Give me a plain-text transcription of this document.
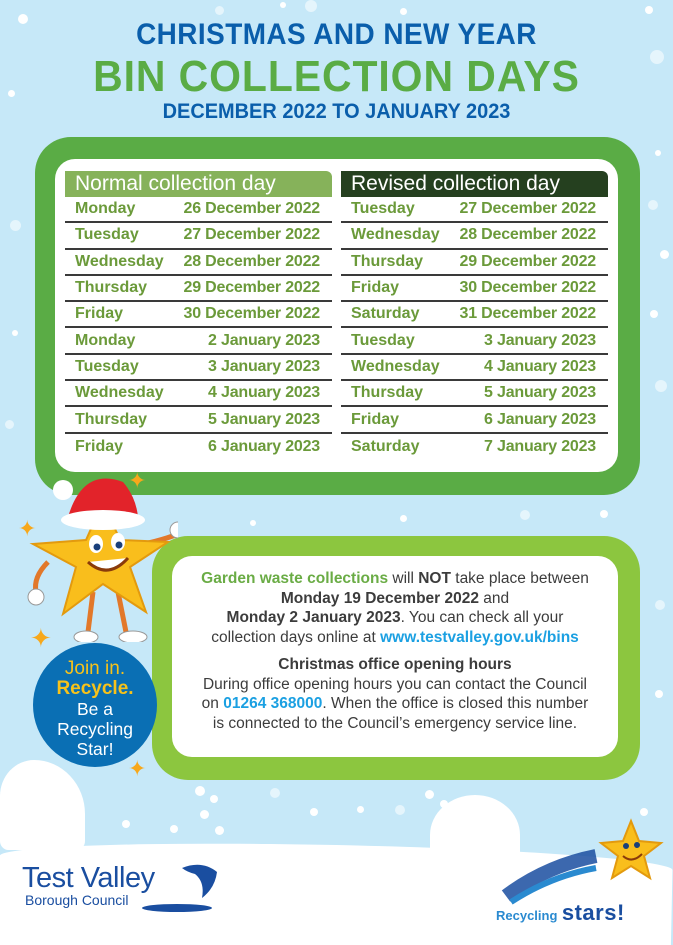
CHRISTMAS AND NEW YEAR
BIN COLLECTION DAYS
DECEMBER 2022 TO JANUARY 2023
Normal collection day
Monday	26 December 2022
Tuesday	27 December 2022
Wednesday 28 December 2022
Thursday 29 December 2022
Friday	30 December 2022
Monday	2 January 2023
Tuesday	3 January 2023
Wednesday	4 January 2023
Thursday	5 January 2023
Friday	6 January 2023
Revised collection day
Tuesday	27 December 2022
Wednesday 28 December 2022
Thursday 29 December 2022
Friday	30 December 2022
Saturday	31 December 2022
Tuesday	3 January 2023
Wednesday	4 January 2023
Thursday	5 January 2023
Friday	6 January 2023
Saturday	7 January 2023
Garden waste collections will NOT take place between
Monday 19 December 2022 and
Monday 2 January 2023. You can check all your
collection days online at www.testvalley.gov.uk/bins
Christmas office opening hours
During office opening hours you can contact the Council
on 01264 368000. When the office is closed this number
is connected to the Council’s emergency service line.
✦
✦
✦
✦
Join in.
Recycle.
Be a
Recycling
Star!
Test Valley
Borough Council
Recycling stars!
